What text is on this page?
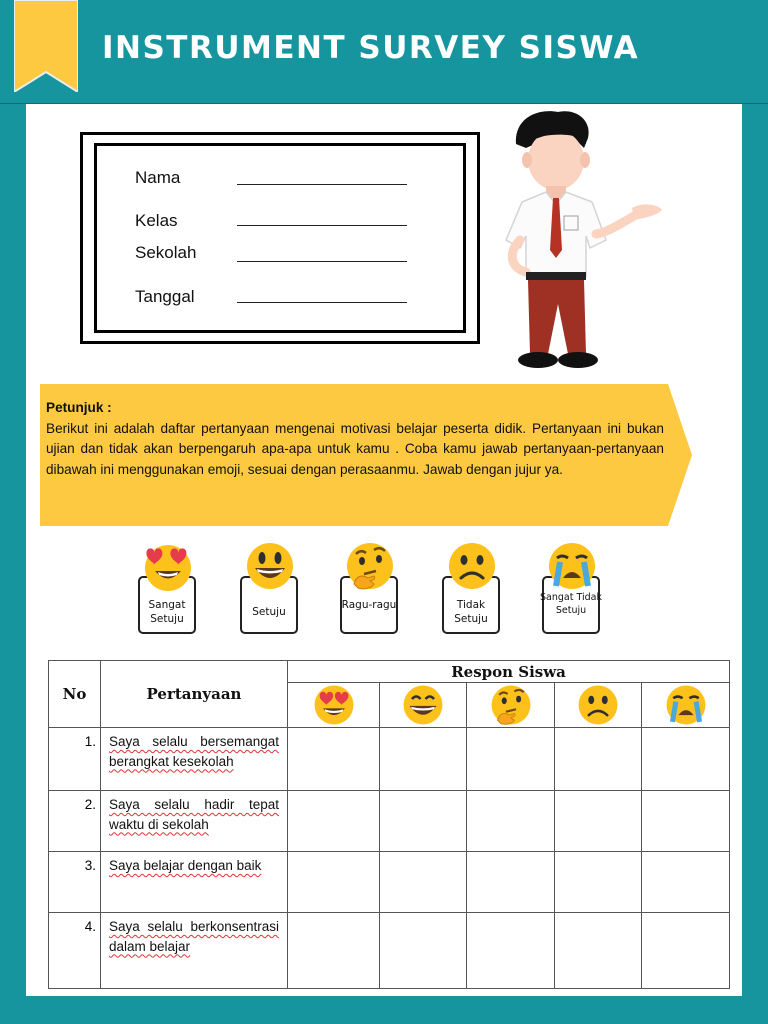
INSTRUMENT SURVEY SISWA
Nama
Kelas
Sekolah
Tanggal
Petunjuk :
Berikut ini adalah daftar pertanyaan mengenai motivasi belajar peserta didik. Pertanyaan ini bukan ujian dan tidak akan berpengaruh apa-apa untuk kamu . Coba kamu jawab pertanyaan-pertanyaan dibawah ini menggunakan emoji, sesuai dengan perasaanmu. Jawab dengan jujur ya.
Sangat Setuju
Setuju
Ragu-ragu	Tidak Setuju
Sangat Tidak Setuju
No	Pertanyaan	Respon Siswa				

1.	Saya selalu bersemangat berangkat kesekolah					
2.	Saya selalu hadir tepat waktu di sekolah					
3.	Saya belajar dengan baik					
4.	Saya selalu berkonsentrasi dalam belajar					
